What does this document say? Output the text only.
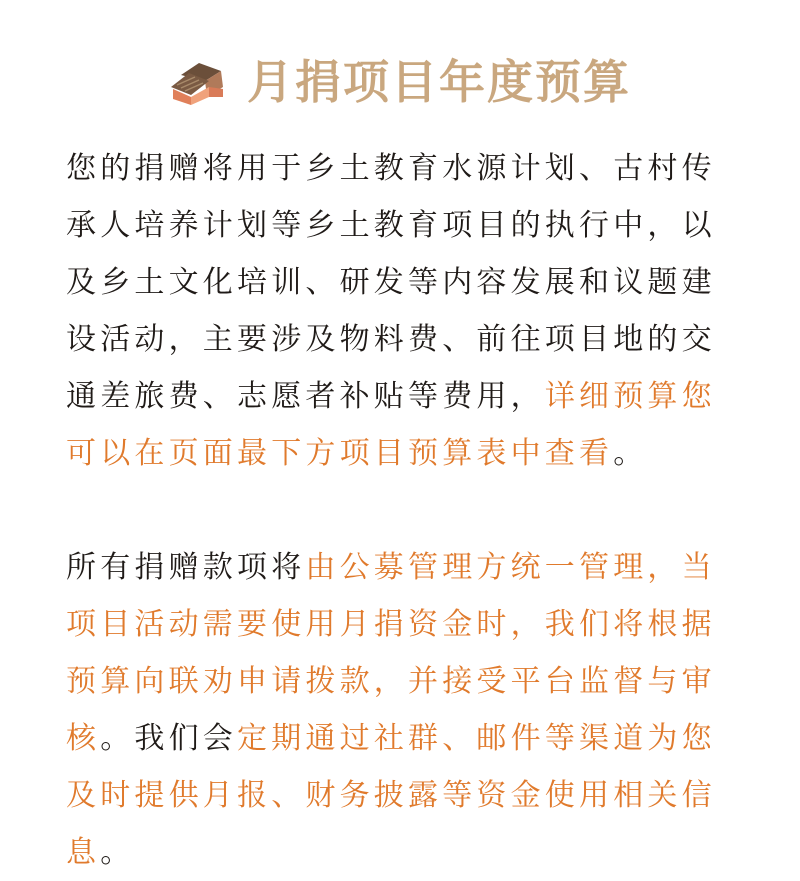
月捐项目年度预算

您的捐赠将用于乡土教育水源计划、古村传承人培养计划等乡土教育项目的执行中，以及乡土文化培训、研发等内容发展和议题建设活动，主要涉及物料费、前往项目地的交通差旅费、志愿者补贴等费用，详细预算您可以在页面最下方项目预算表中查看。

所有捐赠款项将由公募管理方统一管理，当项目活动需要使用月捐资金时，我们将根据预算向联劝申请拨款，并接受平台监督与审核。我们会定期通过社群、邮件等渠道为您及时提供月报、财务披露等资金使用相关信息。
